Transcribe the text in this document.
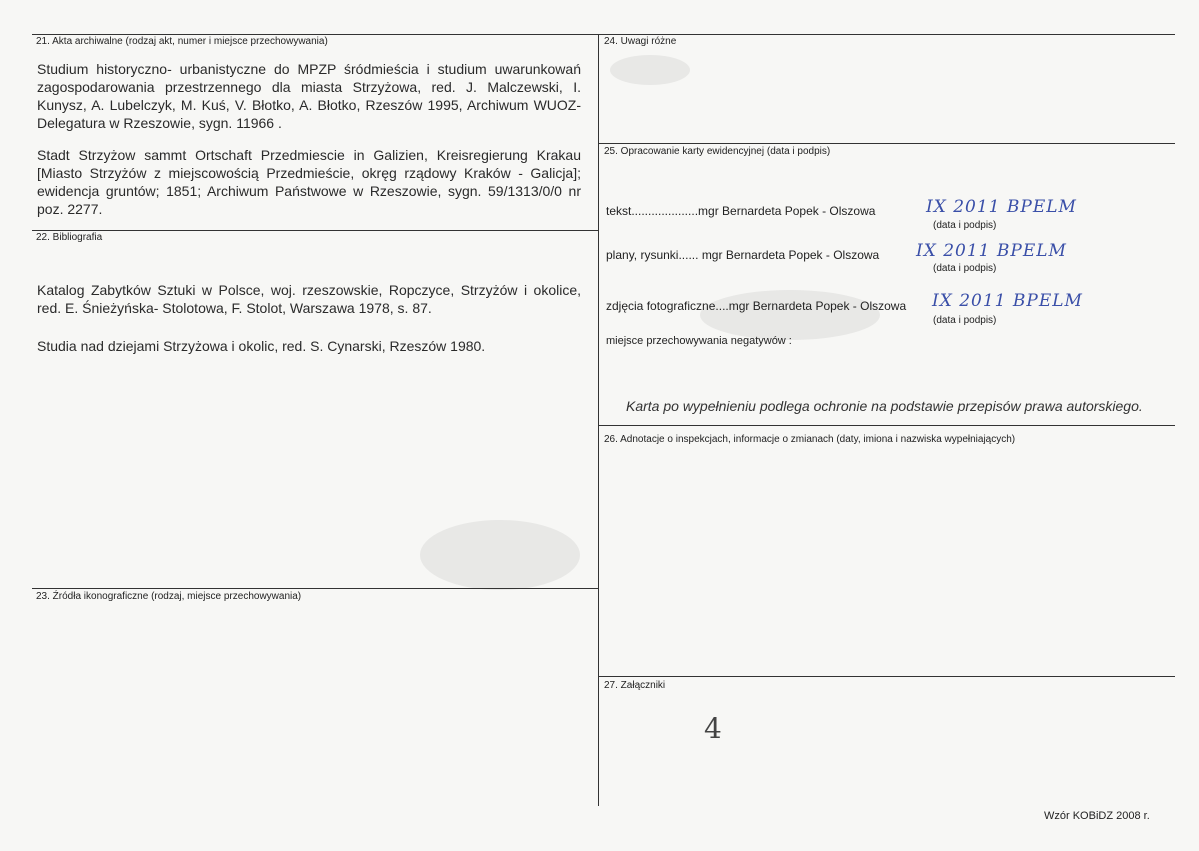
21. Akta archiwalne (rodzaj akt, numer i miejsce przechowywania)

Studium historyczno- urbanistyczne do MPZP śródmieścia i studium uwarunkowań zagospodarowania przestrzennego dla miasta Strzyżowa, red. J. Malczewski, I. Kunysz, A. Lubelczyk, M. Kuś, V. Błotko, A. Błotko, Rzeszów 1995, Archiwum WUOZ- Delegatura w Rzeszowie, sygn. 11966 .

Stadt Strzyżow sammt Ortschaft Przedmiescie in Galizien, Kreisregierung Krakau [Miasto Strzyżów z miejscowością Przedmieście, okręg rządowy Kraków - Galicja]; ewidencja gruntów; 1851; Archiwum Państwowe w Rzeszowie, sygn. 59/1313/0/0 nr poz. 2277.

22. Bibliografia

Katalog Zabytków Sztuki w Polsce, woj. rzeszowskie, Ropczyce, Strzyżów i okolice, red. E. Śnieżyńska- Stolotowa, F. Stolot, Warszawa 1978, s. 87.

Studia nad dziejami Strzyżowa i okolic, red. S. Cynarski, Rzeszów 1980.

23. Źródła ikonograficzne (rodzaj, miejsce przechowywania)
24. Uwagi różne
25. Opracowanie karty ewidencyjnej (data i podpis)
tekst....................mgr Bernardeta Popek - Olszowa	IX 2011 BPELM
(data i podpis)
plany, rysunki...... mgr Bernardeta Popek - Olszowa IX 2011 BPELM
(data i podpis)
zdjęcia fotograficzne....mgr Bernardeta Popek - Olszowa IX 2011 BPELM
(data i podpis)
miejsce przechowywania negatywów :
Karta po wypełnieniu podlega ochronie na podstawie przepisów prawa autorskiego.
26. Adnotacje o inspekcjach, informacje o zmianach (daty, imiona i nazwiska wypełniających)
27. Załączniki
4
Wzór KOBiDZ 2008 r.
